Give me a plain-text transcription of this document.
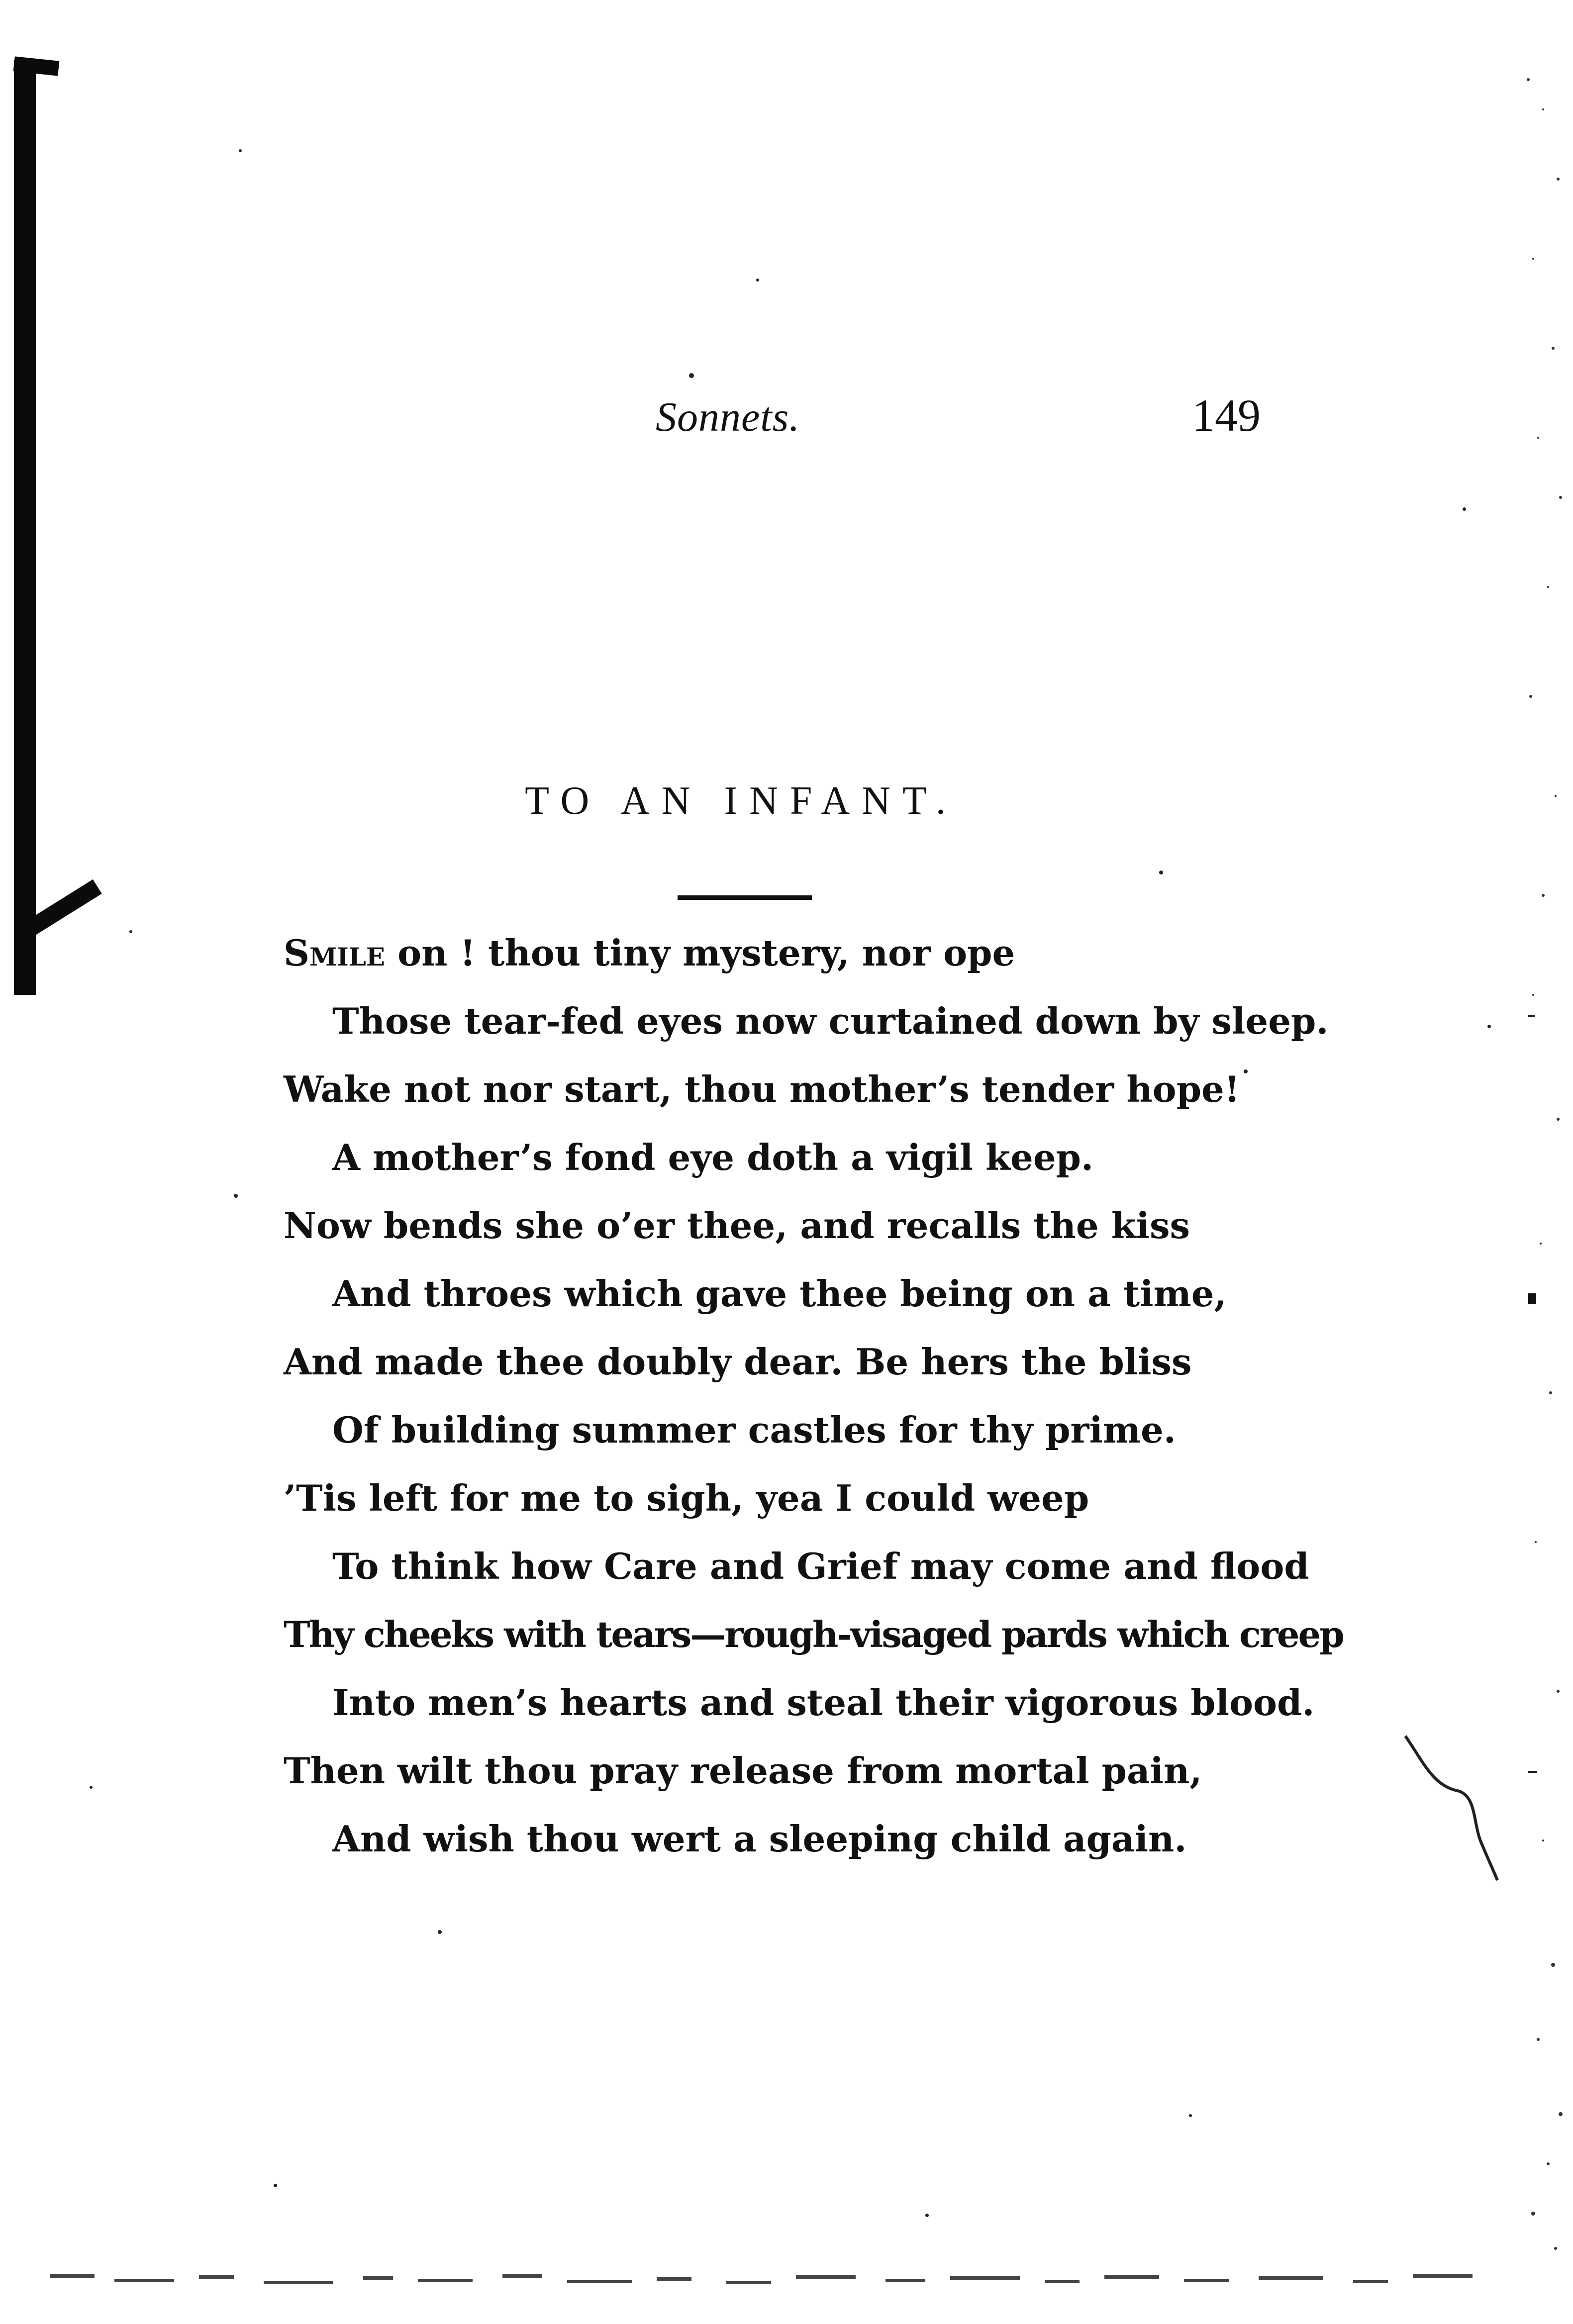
Sonnets.	149
TO AN INFANT.
Smile on ! thou tiny mystery, nor ope
Those tear-fed eyes now curtained down by sleep.
Wake not nor start, thou mother’s tender hope!
A mother’s fond eye doth a vigil keep.
Now bends she o’er thee, and recalls the kiss
And throes which gave thee being on a time,
And made thee doubly dear. Be hers the bliss
Of building summer castles for thy prime.
’Tis left for me to sigh, yea I could weep
To think how Care and Grief may come and flood
Thy cheeks with tears—rough-visaged pards which creep
Into men’s hearts and steal their vigorous blood.
Then wilt thou pray release from mortal pain,
And wish thou wert a sleeping child again.
